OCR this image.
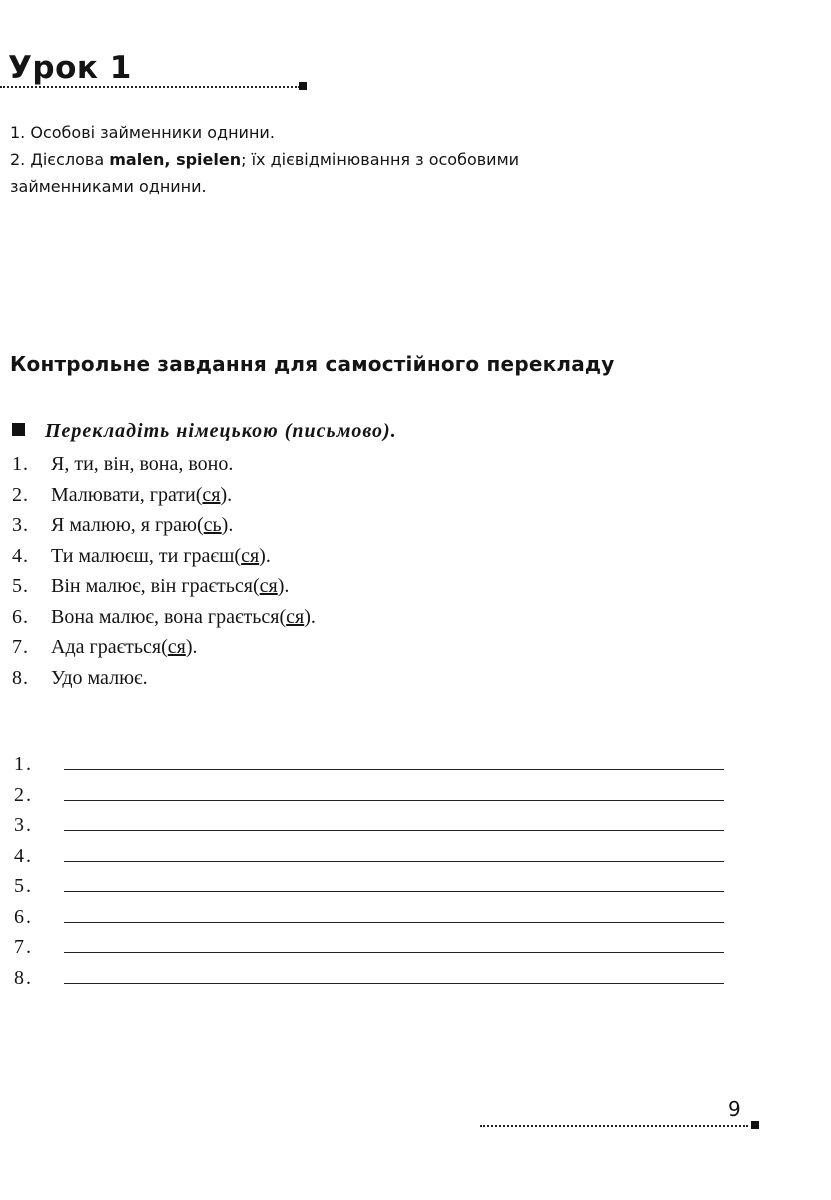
Урок 1
1. Особові займенники однини.
2. Дієслова malen, spielen; їх дієвідмінювання з особовими
займенниками однини.
Контрольне завдання для самостійного перекладу
Перекладіть німецькою (письмово).
1. Я, ти, він, вона, воно.
2. Малювати, грати(ся).
3. Я малюю, я граю(сь).
4. Ти малюєш, ти граєш(ся).
5. Він малює, він грається(ся).
6. Вона малює, вона грається(ся).
7. Ада грається(ся).
8. Удо малює.
1.
2.
3.
4.
5.
6.
7.
8.
9
